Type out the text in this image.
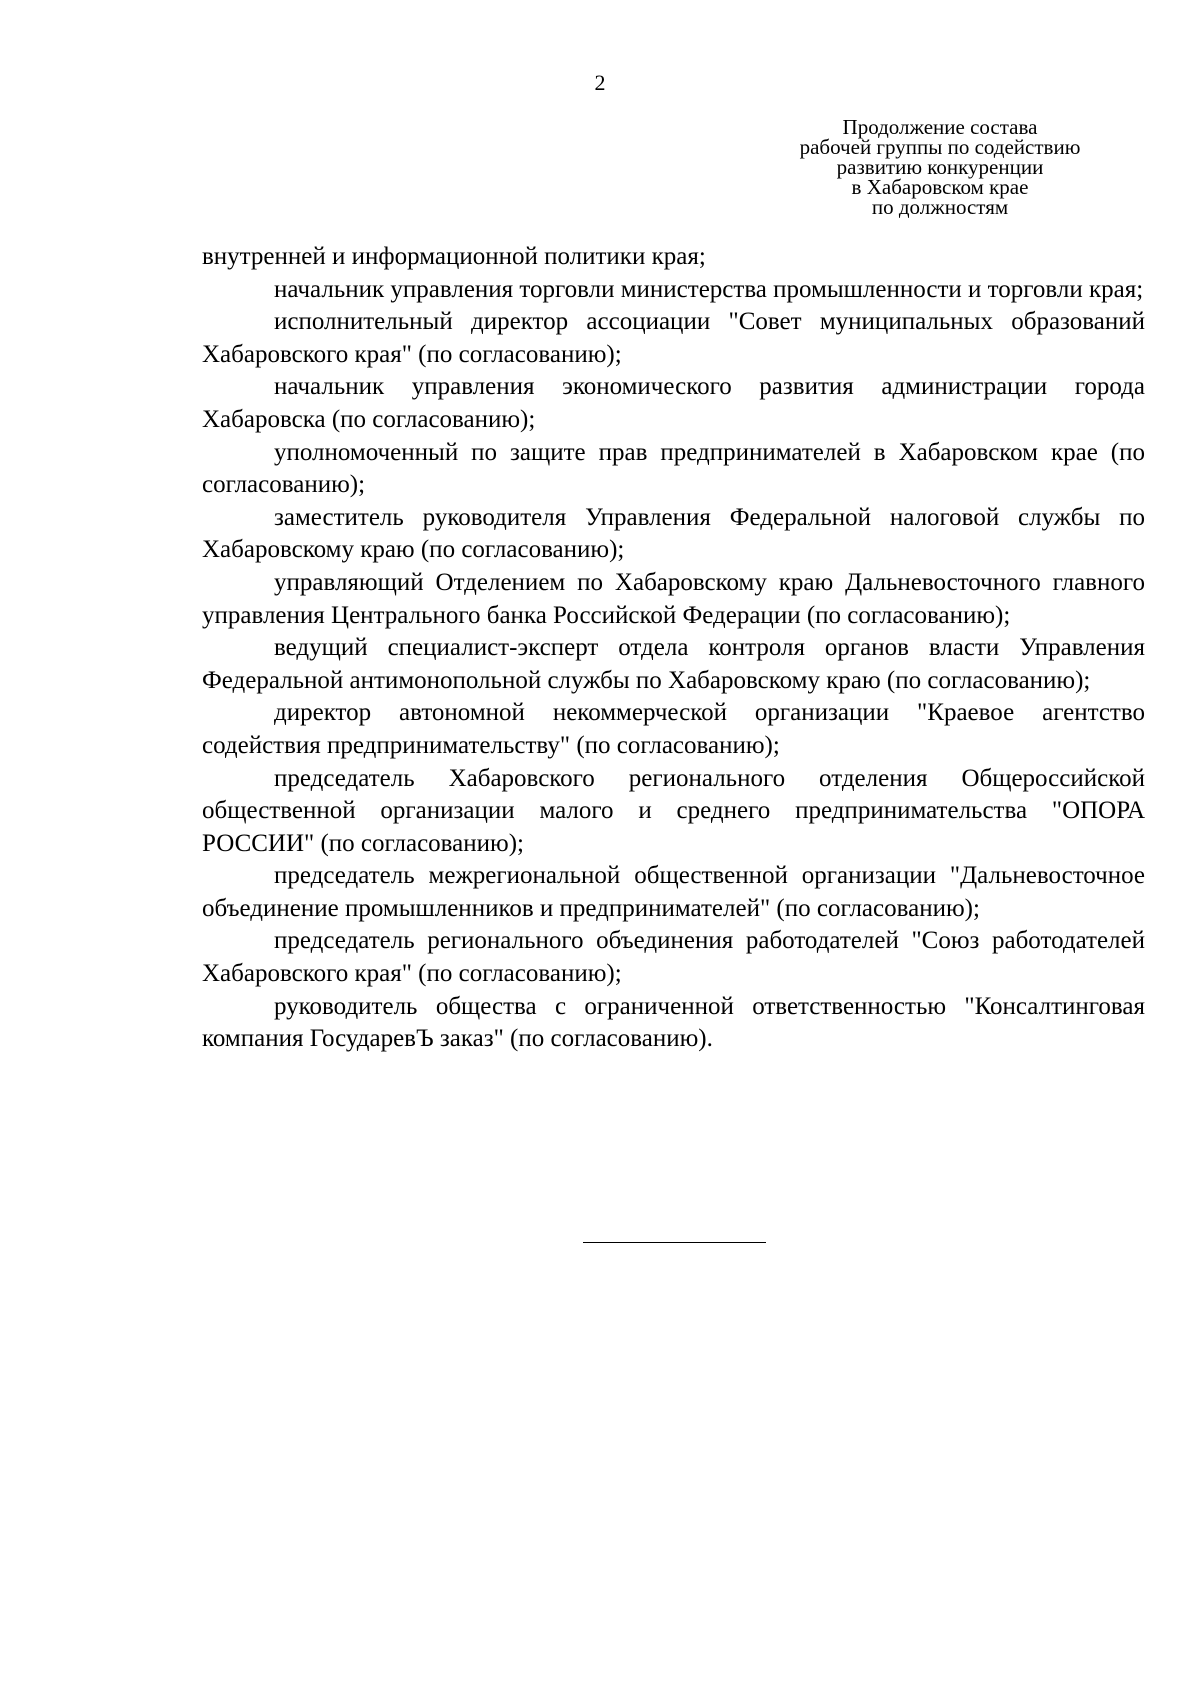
2
Продолжение состава
рабочей группы по содействию
развитию конкуренции
в Хабаровском крае
по должностям

внутренней и информационной политики края;

начальник управления торговли министерства промышленности и торговли края;

исполнительный директор ассоциации "Совет муниципальных образований Хабаровского края" (по согласованию);

начальник управления экономического развития администрации города Хабаровска (по согласованию);

уполномоченный по защите прав предпринимателей в Хабаровском крае (по согласованию);

заместитель руководителя Управления Федеральной налоговой службы по Хабаровскому краю (по согласованию);

управляющий Отделением по Хабаровскому краю Дальневосточного главного управления Центрального банка Российской Федерации (по согласованию);

ведущий специалист-эксперт отдела контроля органов власти Управления Федеральной антимонопольной службы по Хабаровскому краю (по согласованию);

директор автономной некоммерческой организации "Краевое агентство содействия предпринимательству" (по согласованию);

председатель Хабаровского регионального отделения Общероссийской общественной организации малого и среднего предпринимательства "ОПОРА РОССИИ" (по согласованию);

председатель межрегиональной общественной организации "Дальневосточное объединение промышленников и предпринимателей" (по согласованию);

председатель регионального объединения работодателей "Союз работодателей Хабаровского края" (по согласованию);

руководитель общества с ограниченной ответственностью "Консалтинговая компания ГосударевЪ заказ" (по согласованию).
